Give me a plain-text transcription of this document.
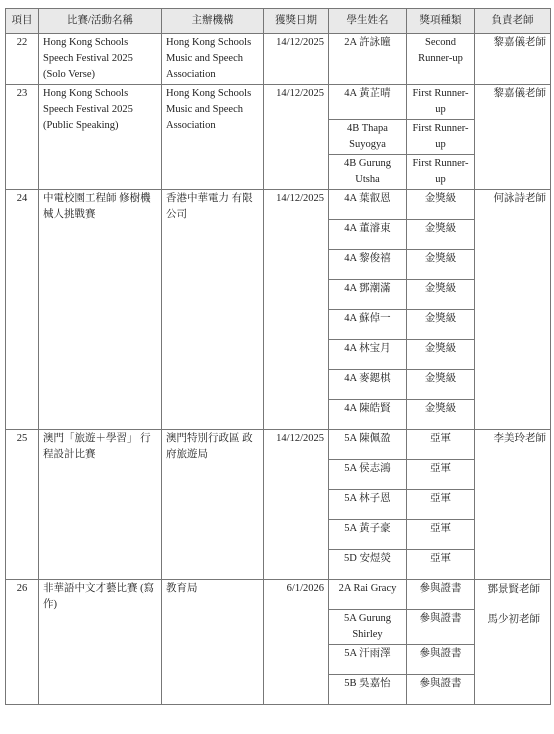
項目	比賽/活動名稱	主辦機構	獲獎日期	學生姓名	獎項種類	負責老師
22	Hong Kong Schools Speech Festival 2025 (Solo Verse)	Hong Kong Schools Music and Speech Association	14/12/2025	2A 許詠曈	Second Runner-up	黎嘉儀老師
23	Hong Kong Schools Speech Festival 2025 (Public Speaking)	Hong Kong Schools Music and Speech Association	14/12/2025	4A 黃芷晴	First Runner-up	黎嘉儀老師
				4B Thapa Suyogya	First Runner-up	
				4B Gurung Utsha	First Runner-up	
24	中電校園工程師 修樹機械人挑戰賽	香港中華電力 有限公司	14/12/2025	4A 葉叡恩	金獎級	何詠詩老師
				4A 董濬東	金獎級	
				4A 黎俊禧	金獎級	
				4A 鄧潮滿	金獎級	
				4A 蘇倬一	金獎級	
				4A 林宝月	金獎級	
				4A 麥鍶棋	金獎級	
				4A 陳皓賢	金獎級	
25	澳門「旅遊＋學習」 行程設計比賽	澳門特別行政區 政府旅遊局	14/12/2025	5A 陳佩盈	亞軍	李美玲老師
				5A 侯志鴻	亞軍	
				5A 林子恩	亞軍	
				5A 黃子豪	亞軍	
				5D 安煜熒	亞軍	
26	非華語中文才藝比賽 (寫作)	教育局	6/1/2026	2A Rai Gracy	參與證書	鄧景賢老師
馬少初老師

				5A Gurung Shirley	參與證書	
				5A 汗雨澤	參與證書	
				5B 吳嘉怡	參與證書	
